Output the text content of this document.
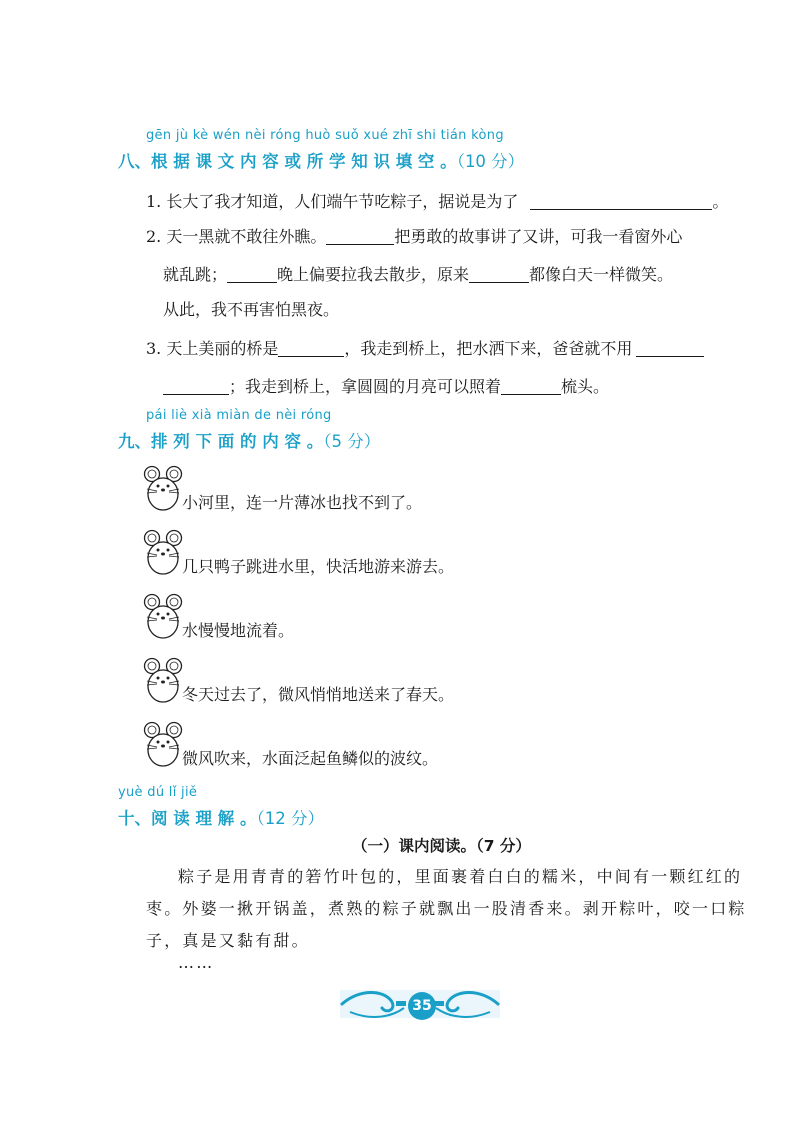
gēn jù kè wén nèi róng huò suǒ xué zhī shi tián kòng
八、根 据 课 文 内 容 或 所 学 知 识 填 空 。（10 分）
1. 长大了我才知道，人们端午节吃粽子，据说是为了	。
2. 天一黑就不敢往外瞧。	把勇敢的故事讲了又讲，可我一看窗外心
就乱跳；	晚上偏要拉我去散步，原来	都像白天一样微笑。
从此，我不再害怕黑夜。
3. 天上美丽的桥是	，我走到桥上，把水洒下来，爸爸就不用
；我走到桥上，拿圆圆的月亮可以照着	梳头。
pái liè xià miàn de nèi róng
九、排 列 下 面 的 内 容 。（5 分）
小河里，连一片薄冰也找不到了。
几只鸭子跳进水里，快活地游来游去。
水慢慢地流着。
冬天过去了，微风悄悄地送来了春天。
微风吹来，水面泛起鱼鳞似的波纹。
yuè dú lǐ jiě
十、阅 读 理 解 。（12 分）
（一）课内阅读。（7 分）
粽子是用青青的箬竹叶包的，里面裹着白白的糯米，中间有一颗红红的
枣。外婆一揪开锅盖，煮熟的粽子就飘出一股清香来。剥开粽叶，咬一口粽
子，真是又黏有甜。
……
35
